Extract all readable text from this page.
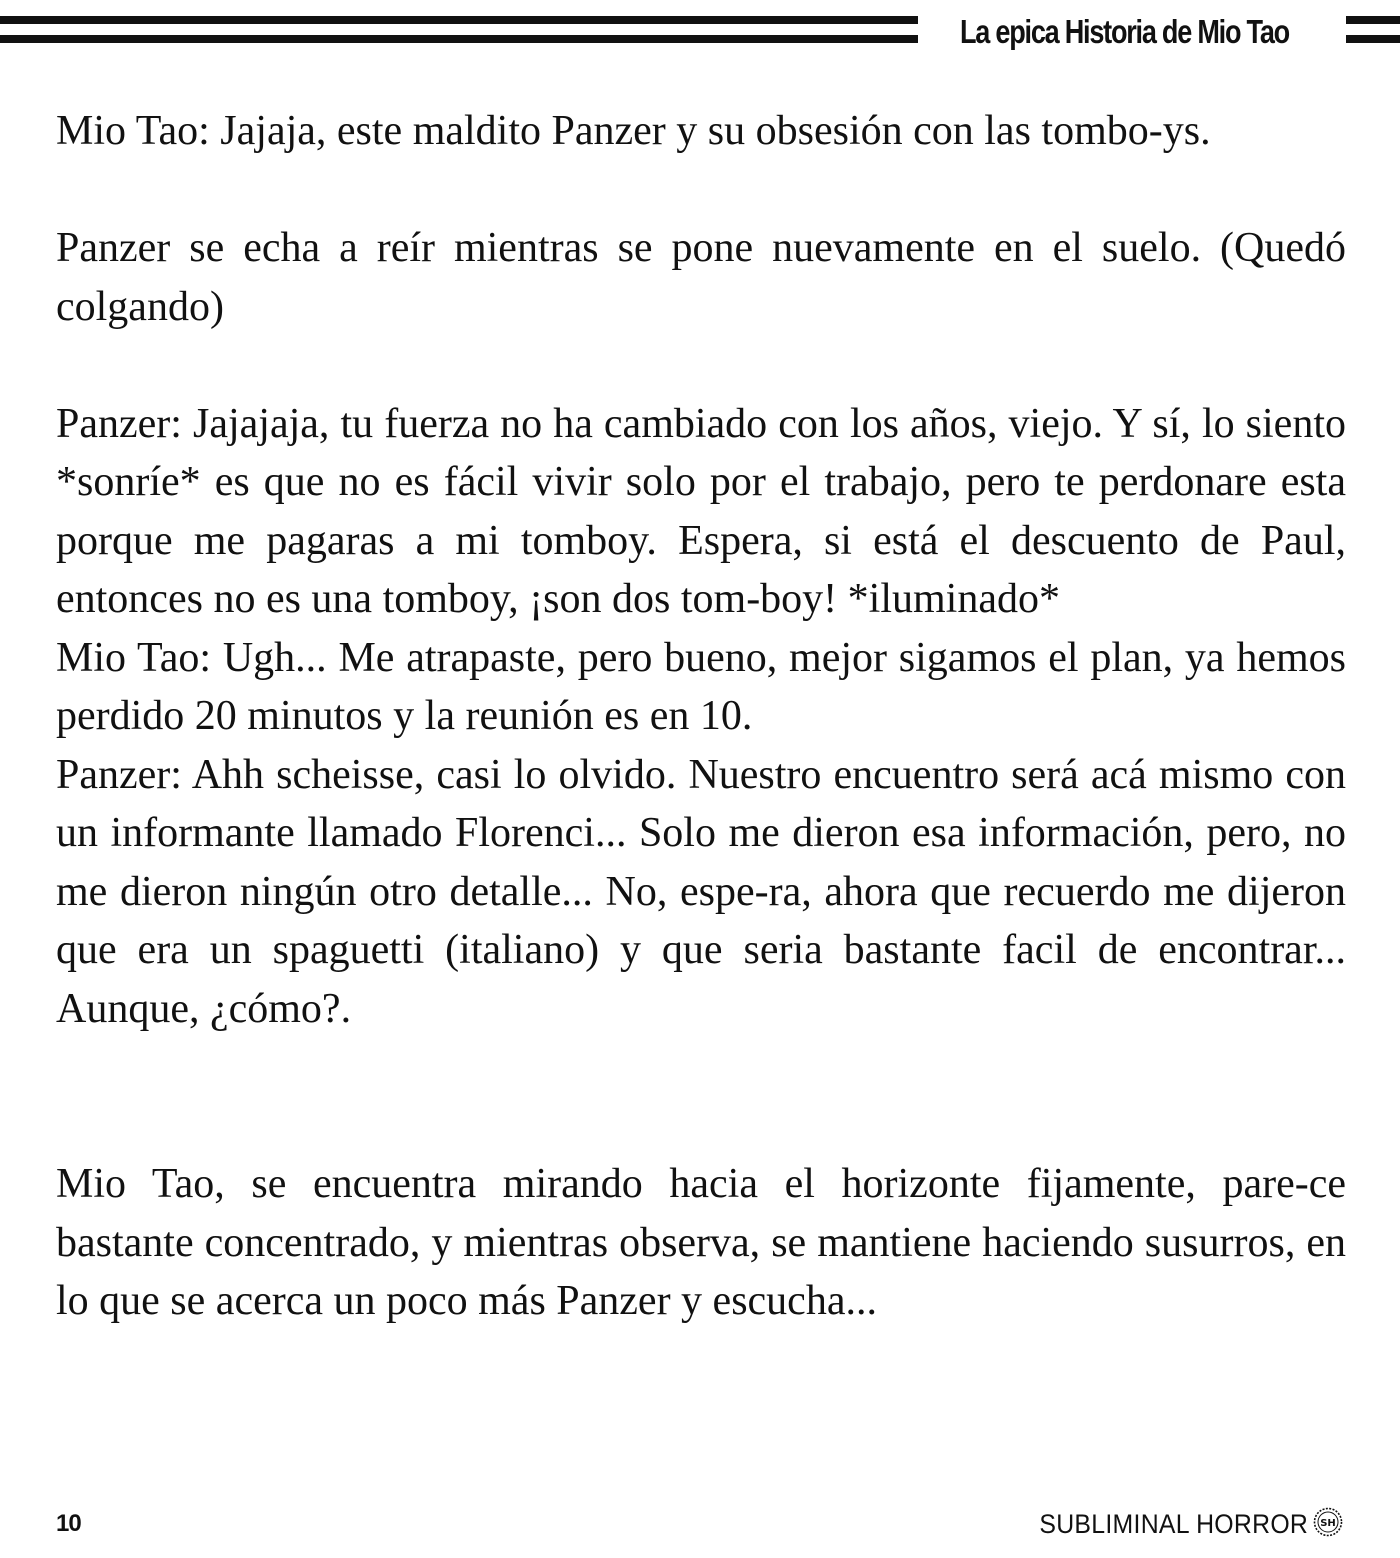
La epica Historia de Mio Tao

Mio Tao: Jajaja, este maldito Panzer y su obsesión con las tombo-ys.

Panzer se echa a reír mientras se pone nuevamente en el suelo. (Quedó colgando)

Panzer: Jajajaja, tu fuerza no ha cambiado con los años, viejo. Y sí, lo siento *sonríe* es que no es fácil vivir solo por el trabajo, pero te perdonare esta porque me pagaras a mi tomboy. Espera, si está el descuento de Paul, entonces no es una tomboy, ¡son dos tom-boy! *iluminado*

Mio Tao: Ugh... Me atrapaste, pero bueno, mejor sigamos el plan, ya hemos perdido 20 minutos y la reunión es en 10.

Panzer: Ahh scheisse, casi lo olvido. Nuestro encuentro será acá mismo con un informante llamado Florenci... Solo me dieron esa información, pero, no me dieron ningún otro detalle... No, espe-ra, ahora que recuerdo me dijeron que era un spaguetti (italiano) y que seria bastante facil de encontrar... Aunque, ¿cómo?.

Mio Tao, se encuentra mirando hacia el horizonte fijamente, pare-ce bastante concentrado, y mientras observa, se mantiene haciendo susurros, en lo que se acerca un poco más Panzer y escucha...

10	SUBLIMINAL HORROR SH
